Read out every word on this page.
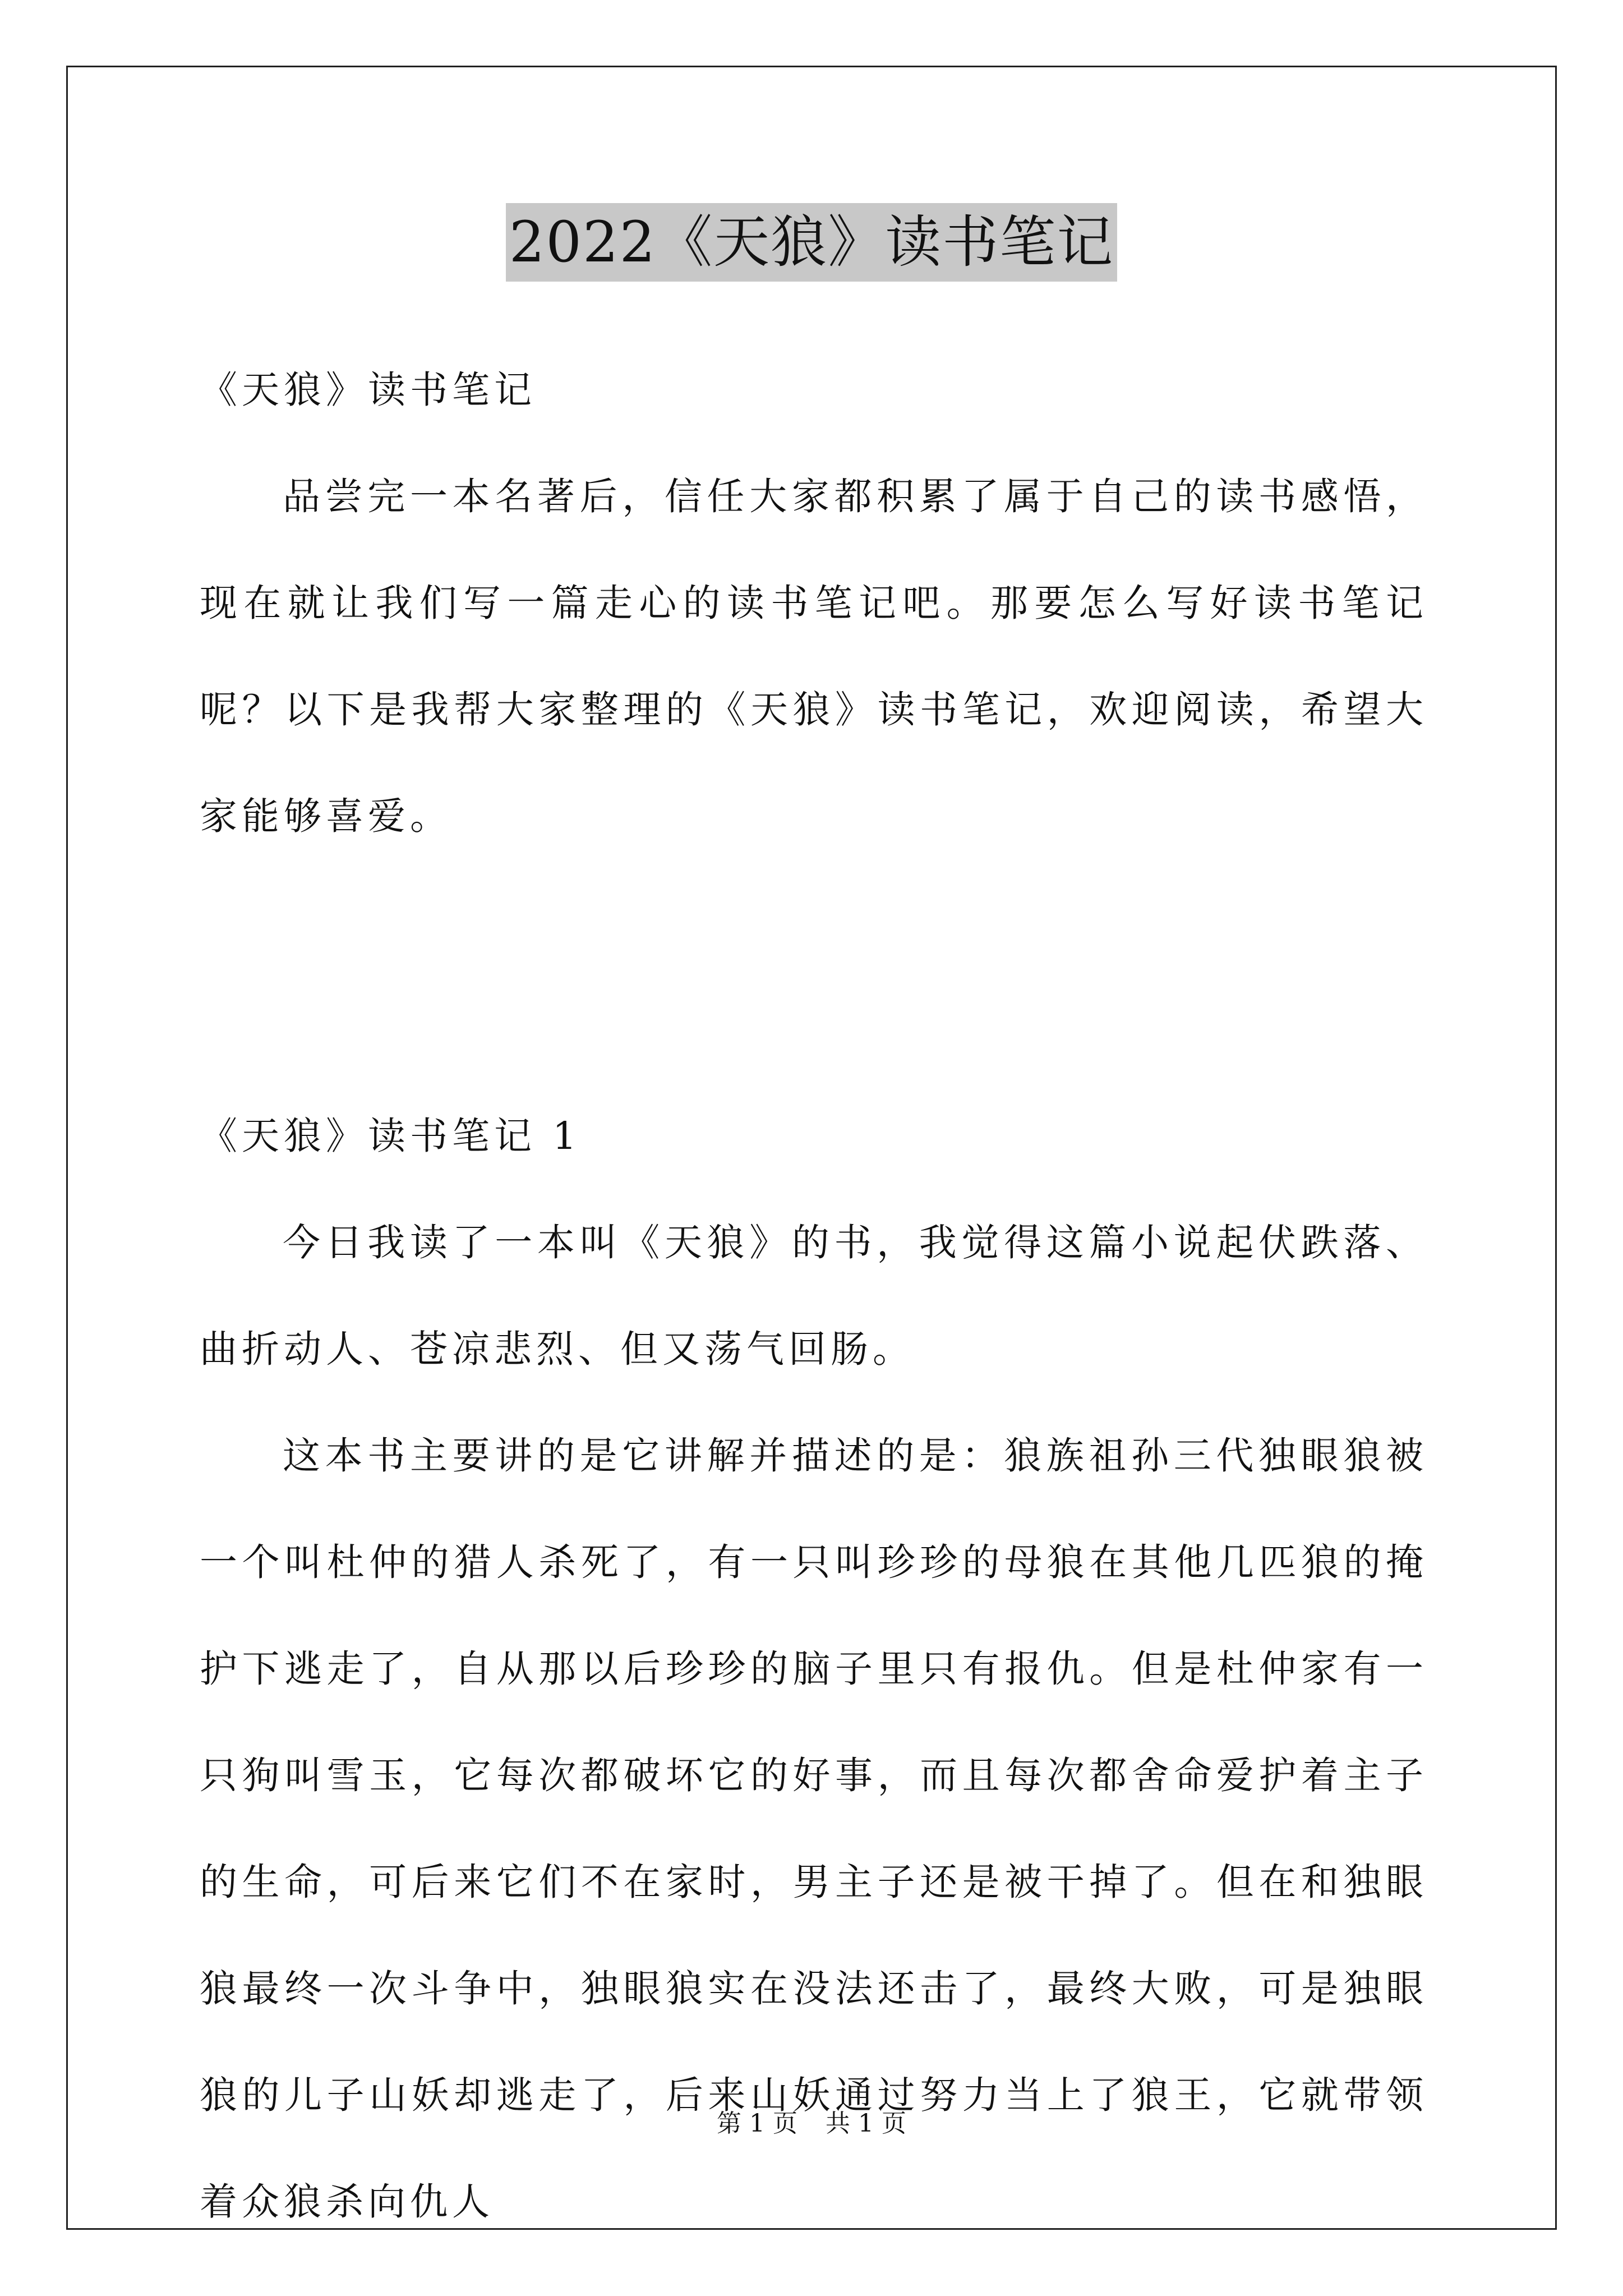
2022《天狼》读书笔记

《天狼》读书笔记

品尝完一本名著后，信任大家都积累了属于自己的读书感悟，现在就让我们写一篇走心的读书笔记吧。那要怎么写好读书笔记呢？以下是我帮大家整理的《天狼》读书笔记，欢迎阅读，希望大家能够喜爱。

《天狼》读书笔记 1

今日我读了一本叫《天狼》的书，我觉得这篇小说起伏跌落、曲折动人、苍凉悲烈、但又荡气回肠。

这本书主要讲的是它讲解并描述的是：狼族祖孙三代独眼狼被一个叫杜仲的猎人杀死了，有一只叫珍珍的母狼在其他几匹狼的掩护下逃走了，自从那以后珍珍的脑子里只有报仇。但是杜仲家有一只狗叫雪玉，它每次都破坏它的好事，而且每次都舍命爱护着主子的生命，可后来它们不在家时，男主子还是被干掉了。但在和独眼狼最终一次斗争中，独眼狼实在没法还击了，最终大败，可是独眼狼的儿子山妖却逃走了，后来山妖通过努力当上了狼王，它就带领着众狼杀向仇人

第 1 页 共 1 页
